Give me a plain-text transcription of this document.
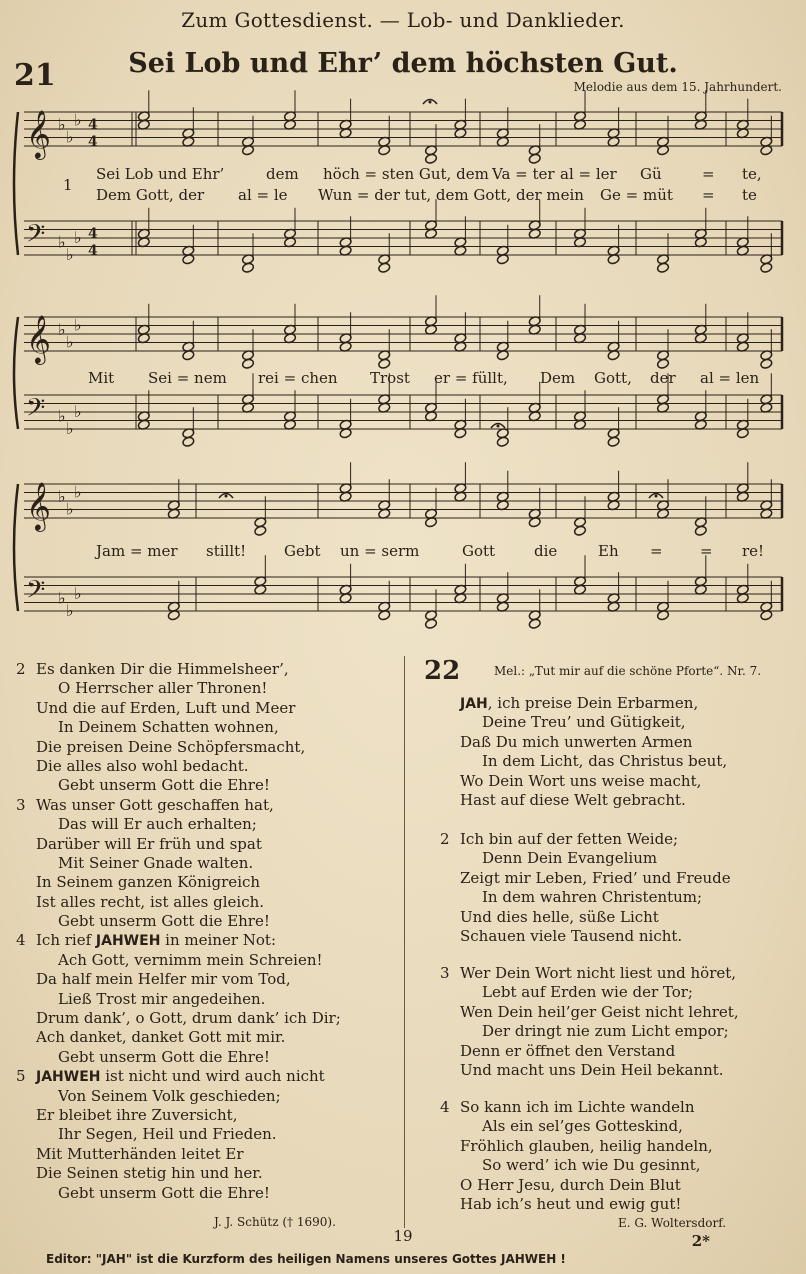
Zum Gottesdienst. — Lob- und Danklieder.
21	Sei Lob und Ehr’ dem höchsten Gut.
Melodie aus dem 15. Jahrhundert.
𝄞 ♭
♭
♭ 4
4
𝄢 ♭
♭
♭ 4
4
𝄞 ♭
♭
♭
𝄢 ♭
♭
♭
𝄞 ♭
♭
♭
𝄢 ♭
♭
♭
1
Sei Lob und Ehr’	dem höch = sten Gut, dem Va = ter al = ler Gü	= te,
Dem Gott, der al = le Wun = der tut, dem Gott, der mein Ge = müt = te
Mit Sei = nem rei = chen Trost er = füllt, Dem Gott, der al = len
Jam = mer stillt!	Gebt un = serm	Gott	die	Eh = = re!
2 Es danken Dir die Himmelsheer’,
O Herrscher aller Thronen!
Und die auf Erden, Luft und Meer
In Deinem Schatten wohnen,
Die preisen Deine Schöpfersmacht,
Die alles also wohl bedacht.
Gebt unserm Gott die Ehre!
3 Was unser Gott geschaffen hat,
Das will Er auch erhalten;
Darüber will Er früh und spat
Mit Seiner Gnade walten.
In Seinem ganzen Königreich
Ist alles recht, ist alles gleich.
Gebt unserm Gott die Ehre!
4 Ich rief JAHWEH in meiner Not:
Ach Gott, vernimm mein Schreien!
Da half mein Helfer mir vom Tod,
Ließ Trost mir angedeihen.
Drum dank’, o Gott, drum dank’ ich Dir;
Ach danket, danket Gott mit mir.
Gebt unserm Gott die Ehre!
5 JAHWEH ist nicht und wird auch nicht
Von Seinem Volk geschieden;
Er bleibet ihre Zuversicht,
Ihr Segen, Heil und Frieden.
Mit Mutterhänden leitet Er
Die Seinen stetig hin und her.
Gebt unserm Gott die Ehre!
J. J. Schütz († 1690).
22	Mel.: „Tut mir auf die schöne Pforte“. Nr. 7.
JAH, ich preise Dein Erbarmen,
Deine Treu’ und Gütigkeit,
Daß Du mich unwerten Armen
In dem Licht, das Christus beut,
Wo Dein Wort uns weise macht,
Hast auf diese Welt gebracht.
2 Ich bin auf der fetten Weide;
Denn Dein Evangelium
Zeigt mir Leben, Fried’ und Freude
In dem wahren Christentum;
Und dies helle, süße Licht
Schauen viele Tausend nicht.
3 Wer Dein Wort nicht liest und höret,
Lebt auf Erden wie der Tor;
Wen Dein heil’ger Geist nicht lehret,
Der dringt nie zum Licht empor;
Denn er öffnet den Verstand
Und macht uns Dein Heil bekannt.
4 So kann ich im Lichte wandeln
Als ein sel’ges Gotteskind,
Fröhlich glauben, heilig handeln,
So werd’ ich wie Du gesinnt,
O Herr Jesu, durch Dein Blut
Hab ich’s heut und ewig gut!
E. G. Woltersdorf.
19	2*
Editor: "JAH" ist die Kurzform des heiligen Namens unseres Gottes JAHWEH !
